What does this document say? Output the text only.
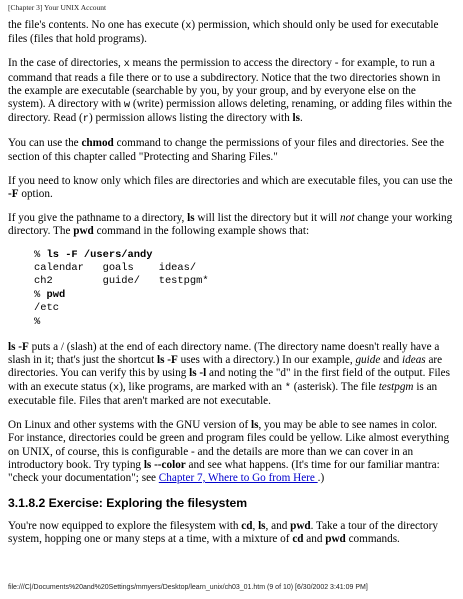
[Chapter 3] Your UNIX Account

the file's contents. No one has execute (x) permission, which should only be used for executable files (files that hold programs).

In the case of directories, x means the permission to access the directory - for example, to run a command that reads a file there or to use a subdirectory. Notice that the two directories shown in the example are executable (searchable by you, by your group, and by everyone else on the system). A directory with w (write) permission allows deleting, renaming, or adding files within the directory. Read (r) permission allows listing the directory with ls.

You can use the chmod command to change the permissions of your files and directories. See the section of this chapter called "Protecting and Sharing Files."

If you need to know only which files are directories and which are executable files, you can use the -F option.

If you give the pathname to a directory, ls will list the directory but it will not change your working directory. The pwd command in the following example shows that:

% ls -F /users/andy
calendar   goals    ideas/
ch2        guide/   testpgm*
% pwd
/etc
%

ls -F puts a / (slash) at the end of each directory name. (The directory name doesn't really have a slash in it; that's just the shortcut ls -F uses with a directory.) In our example, guide and ideas are directories. You can verify this by using ls -l and noting the "d" in the first field of the output. Files with an execute status (x), like programs, are marked with an * (asterisk). The file testpgm is an executable file. Files that aren't marked are not executable.

On Linux and other systems with the GNU version of ls, you may be able to see names in color. For instance, directories could be green and program files could be yellow. Like almost everything on UNIX, of course, this is configurable - and the details are more than we can cover in an introductory book. Try typing ls --color and see what happens. (It's time for our familiar mantra: "check your documentation"; see Chapter 7, Where to Go from Here .)

3.1.8.2 Exercise: Exploring the filesystem

You're now equipped to explore the filesystem with cd, ls, and pwd. Take a tour of the directory system, hopping one or many steps at a time, with a mixture of cd and pwd commands.

file:///C|/Documents%20and%20Settings/mmyers/Desktop/learn_unix/ch03_01.htm (9 of 10) [6/30/2002 3:41:09 PM]
